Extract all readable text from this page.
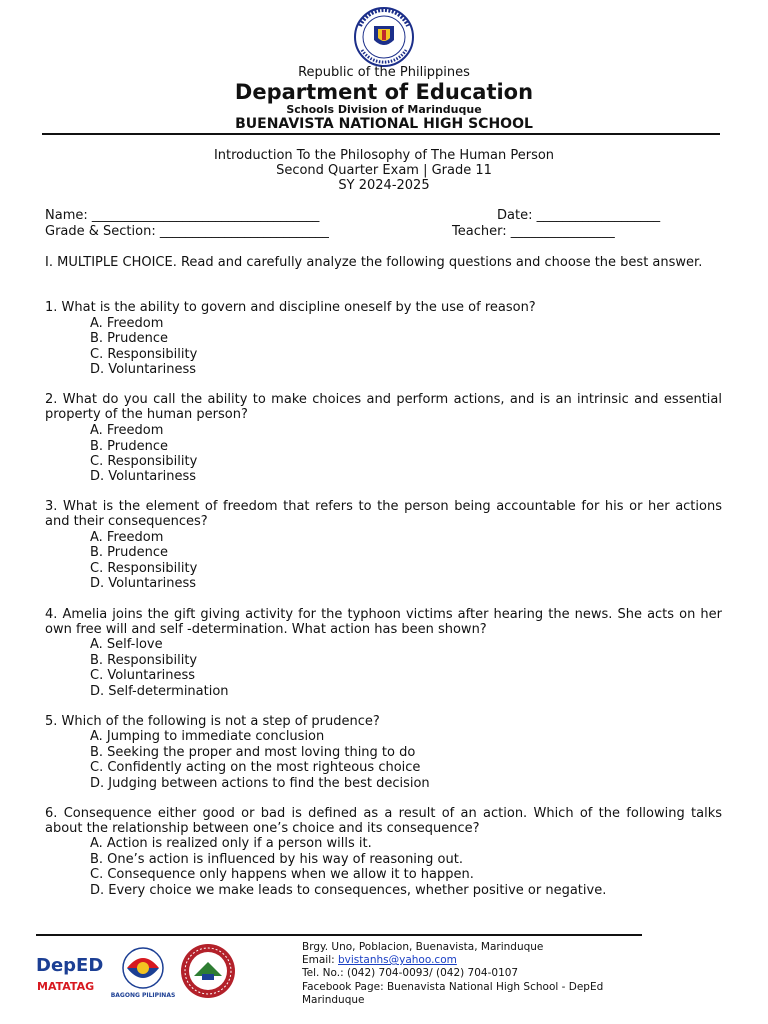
Republic of the Philippines
Department of Education
Schools Division of Marinduque
BUENAVISTA NATIONAL HIGH SCHOOL
Introduction To the Philosophy of The Human Person
Second Quarter Exam | Grade 11
SY 2024-2025
Name: ___________________________________	Date: ___________________
Grade & Section: __________________________	Teacher: ________________
I. MULTIPLE CHOICE. Read and carefully analyze the following questions and choose the best answer.
1. What is the ability to govern and discipline oneself by the use of reason?
A. Freedom
B. Prudence
C. Responsibility
D. Voluntariness
2. What do you call the ability to make choices and perform actions, and is an intrinsic and essential property of the human person?
A. Freedom
B. Prudence
C. Responsibility
D. Voluntariness
3. What is the element of freedom that refers to the person being accountable for his or her actions and their consequences?
A. Freedom
B. Prudence
C. Responsibility
D. Voluntariness
4. Amelia joins the gift giving activity for the typhoon victims after hearing the news. She acts on her own free will and self -determination. What action has been shown?
A. Self-love
B. Responsibility
C. Voluntariness
D. Self-determination
5. Which of the following is not a step of prudence?
A. Jumping to immediate conclusion
B. Seeking the proper and most loving thing to do
C. Confidently acting on the most righteous choice
D. Judging between actions to find the best decision
6. Consequence either good or bad is defined as a result of an action. Which of the following talks about the relationship between one’s choice and its consequence?
A. Action is realized only if a person wills it.
B. One’s action is influenced by his way of reasoning out.
C. Consequence only happens when we allow it to happen.
D. Every choice we make leads to consequences, whether positive or negative.
DepED
MATATAG
BAGONG PILIPINAS
Brgy. Uno, Poblacion, Buenavista, Marinduque
Email: bvistanhs@yahoo.com
Tel. No.: (042) 704-0093/ (042) 704-0107
Facebook Page: Buenavista National High School - DepEd
Marinduque
